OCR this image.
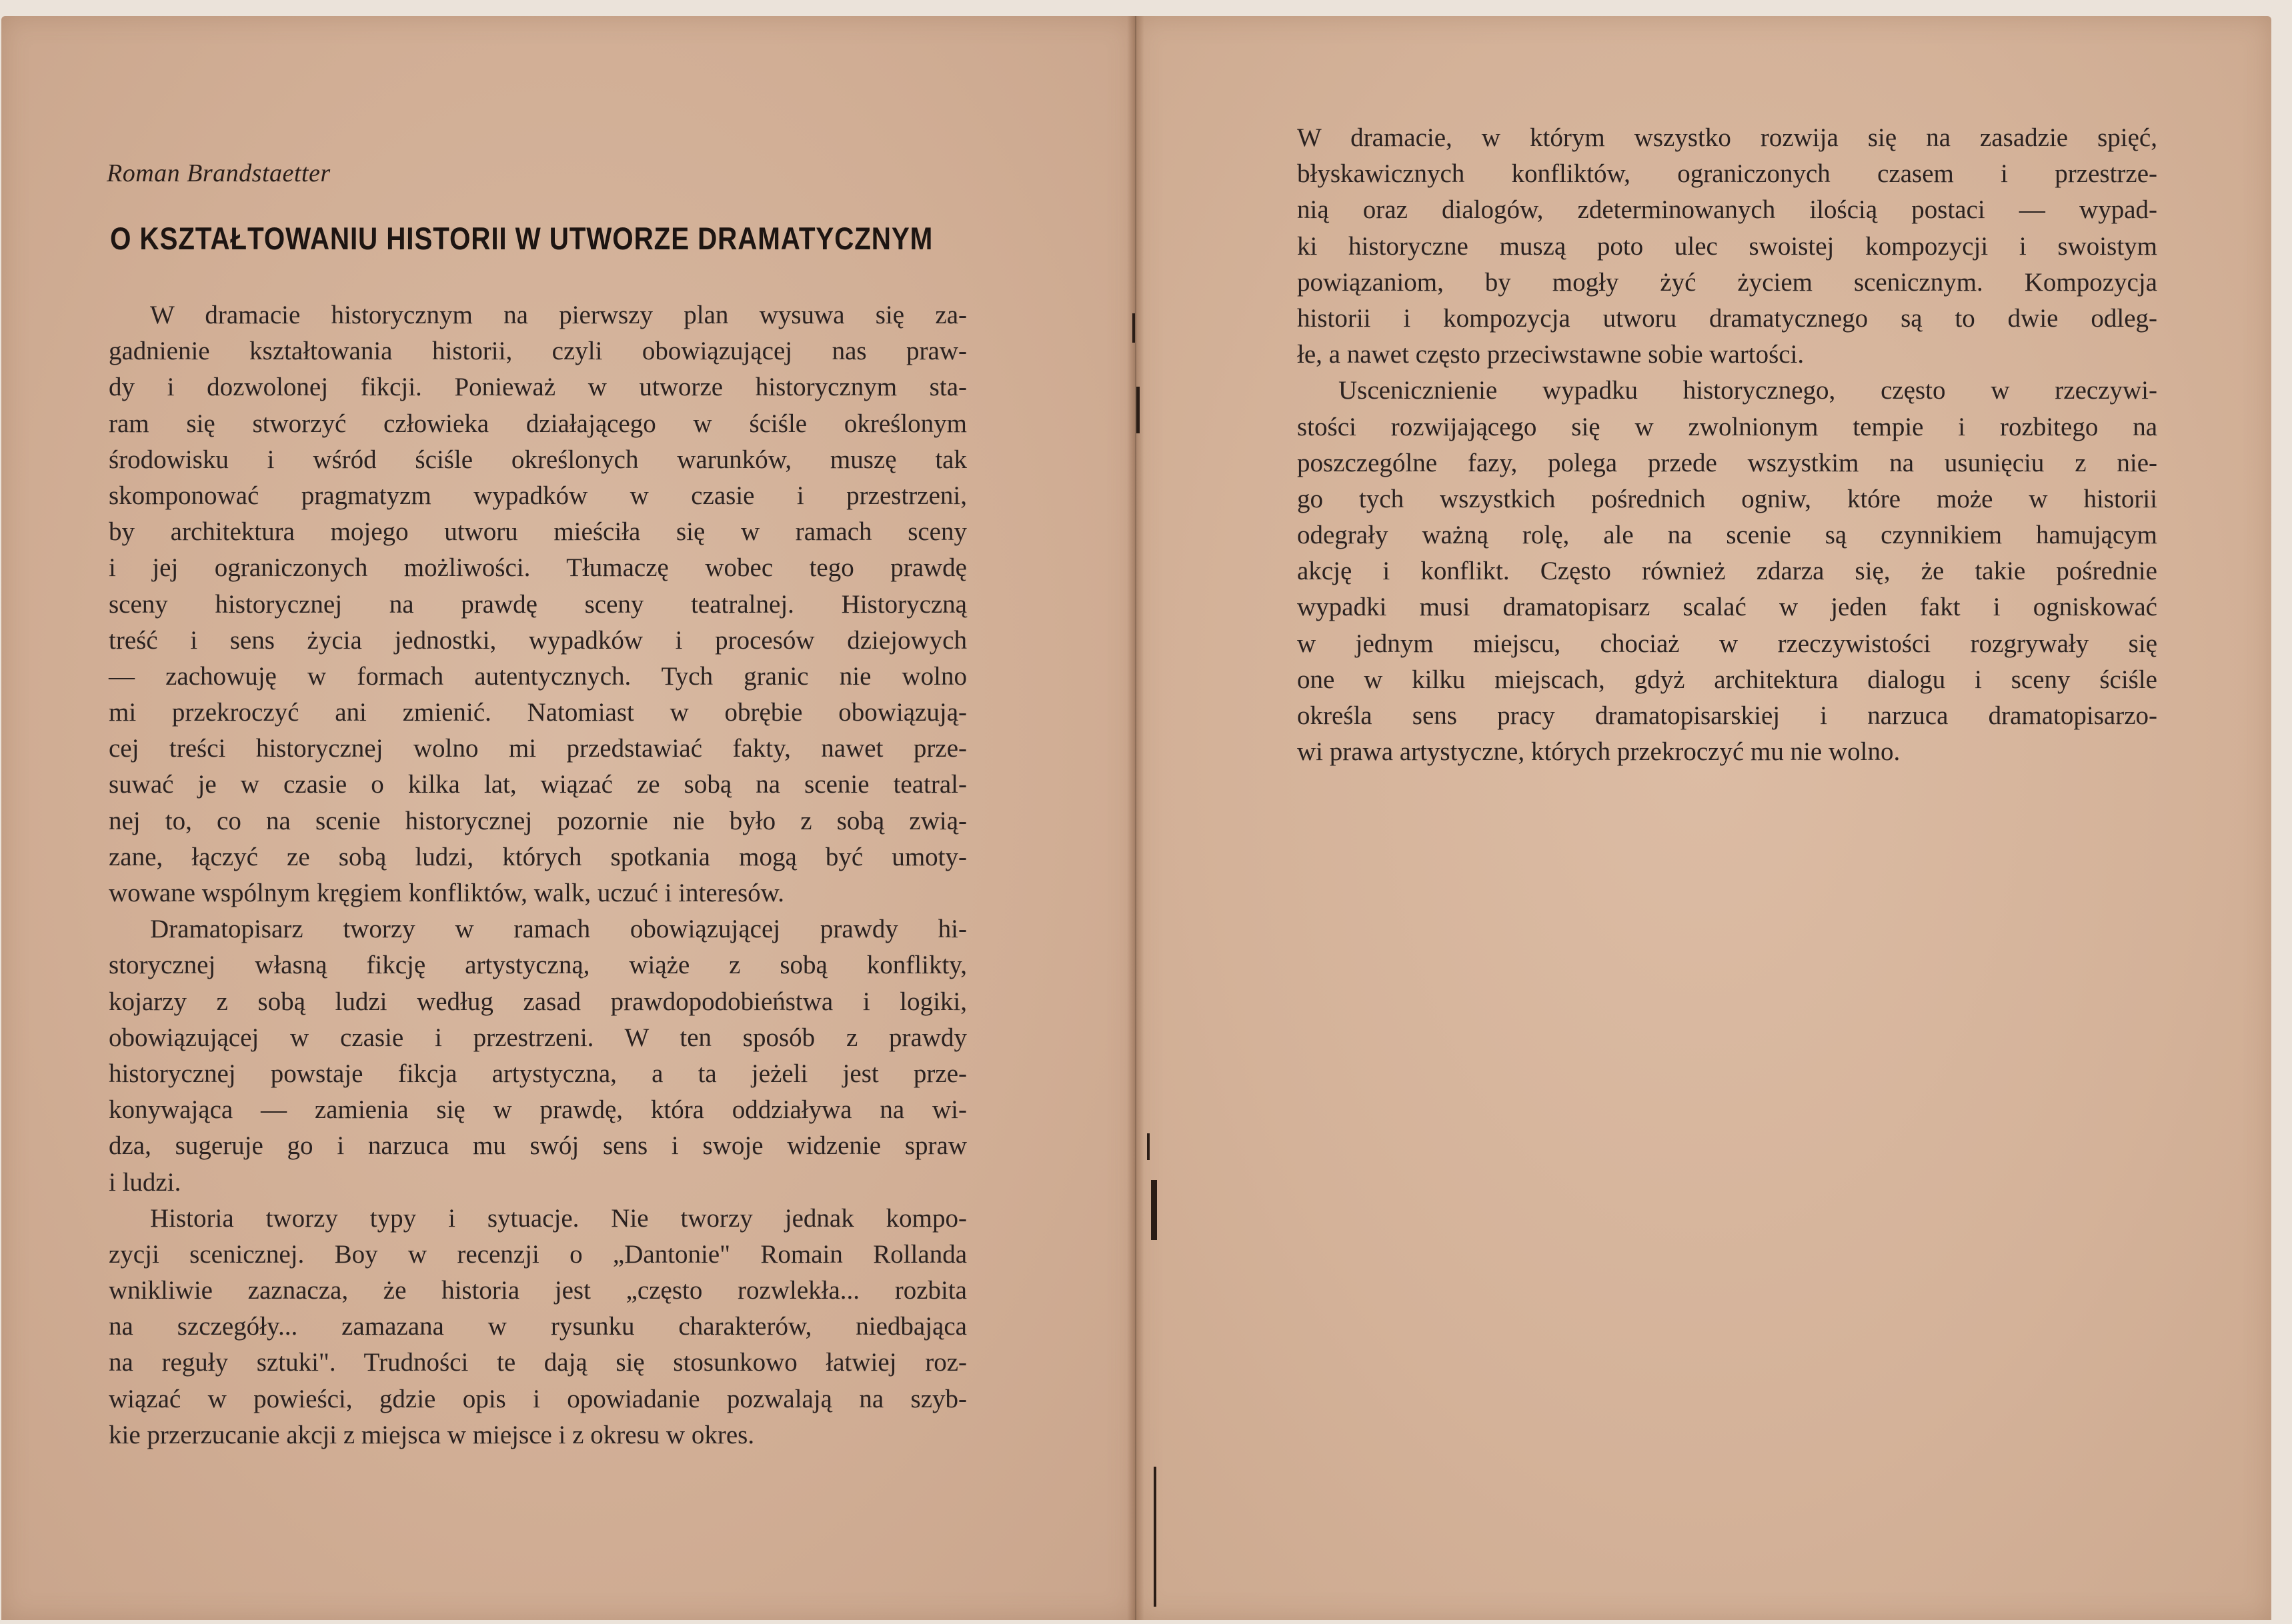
Roman Brandstaetter
O KSZTAŁTOWANIU HISTORII W UTWORZE DRAMATYCZNYM
W dramacie historycznym na pierwszy plan wysuwa się za-
gadnienie kształtowania historii, czyli obowiązującej nas praw-
dy i dozwolonej fikcji. Ponieważ w utworze historycznym sta-
ram się stworzyć człowieka działającego w ściśle określonym
środowisku i wśród ściśle określonych warunków, muszę tak
skomponować pragmatyzm wypadków w czasie i przestrzeni,
by architektura mojego utworu mieściła się w ramach sceny
i jej ograniczonych możliwości. Tłumaczę wobec tego prawdę
sceny historycznej na prawdę sceny teatralnej. Historyczną
treść i sens życia jednostki, wypadków i procesów dziejowych
— zachowuję w formach autentycznych. Tych granic nie wolno
mi przekroczyć ani zmienić. Natomiast w obrębie obowiązują-
cej treści historycznej wolno mi przedstawiać fakty, nawet prze-
suwać je w czasie o kilka lat, wiązać ze sobą na scenie teatral-
nej to, co na scenie historycznej pozornie nie było z sobą zwią-
zane, łączyć ze sobą ludzi, których spotkania mogą być umoty-
wowane wspólnym kręgiem konfliktów, walk, uczuć i interesów.
Dramatopisarz tworzy w ramach obowiązującej prawdy hi-
storycznej własną fikcję artystyczną, wiąże z sobą konflikty,
kojarzy z sobą ludzi według zasad prawdopodobieństwa i logiki,
obowiązującej w czasie i przestrzeni. W ten sposób z prawdy
historycznej powstaje fikcja artystyczna, a ta jeżeli jest prze-
konywająca — zamienia się w prawdę, która oddziaływa na wi-
dza, sugeruje go i narzuca mu swój sens i swoje widzenie spraw
i ludzi.
Historia tworzy typy i sytuacje. Nie tworzy jednak kompo-
zycji scenicznej. Boy w recenzji o „Dantonie" Romain Rollanda
wnikliwie zaznacza, że historia jest „często rozwlekła... rozbita
na szczegóły... zamazana w rysunku charakterów, niedbająca
na reguły sztuki". Trudności te dają się stosunkowo łatwiej roz-
wiązać w powieści, gdzie opis i opowiadanie pozwalają na szyb-
kie przerzucanie akcji z miejsca w miejsce i z okresu w okres.
W dramacie, w którym wszystko rozwija się na zasadzie spięć,
błyskawicznych konfliktów, ograniczonych czasem i przestrze-
nią oraz dialogów, zdeterminowanych ilością postaci — wypad-
ki historyczne muszą poto ulec swoistej kompozycji i swoistym
powiązaniom, by mogły żyć życiem scenicznym. Kompozycja
historii i kompozycja utworu dramatycznego są to dwie odleg-
łe, a nawet często przeciwstawne sobie wartości.
Uscenicznienie wypadku historycznego, często w rzeczywi-
stości rozwijającego się w zwolnionym tempie i rozbitego na
poszczególne fazy, polega przede wszystkim na usunięciu z nie-
go tych wszystkich pośrednich ogniw, które może w historii
odegrały ważną rolę, ale na scenie są czynnikiem hamującym
akcję i konflikt. Często również zdarza się, że takie pośrednie
wypadki musi dramatopisarz scalać w jeden fakt i ogniskować
w jednym miejscu, chociaż w rzeczywistości rozgrywały się
one w kilku miejscach, gdyż architektura dialogu i sceny ściśle
określa sens pracy dramatopisarskiej i narzuca dramatopisarzo-
wi prawa artystyczne, których przekroczyć mu nie wolno.
